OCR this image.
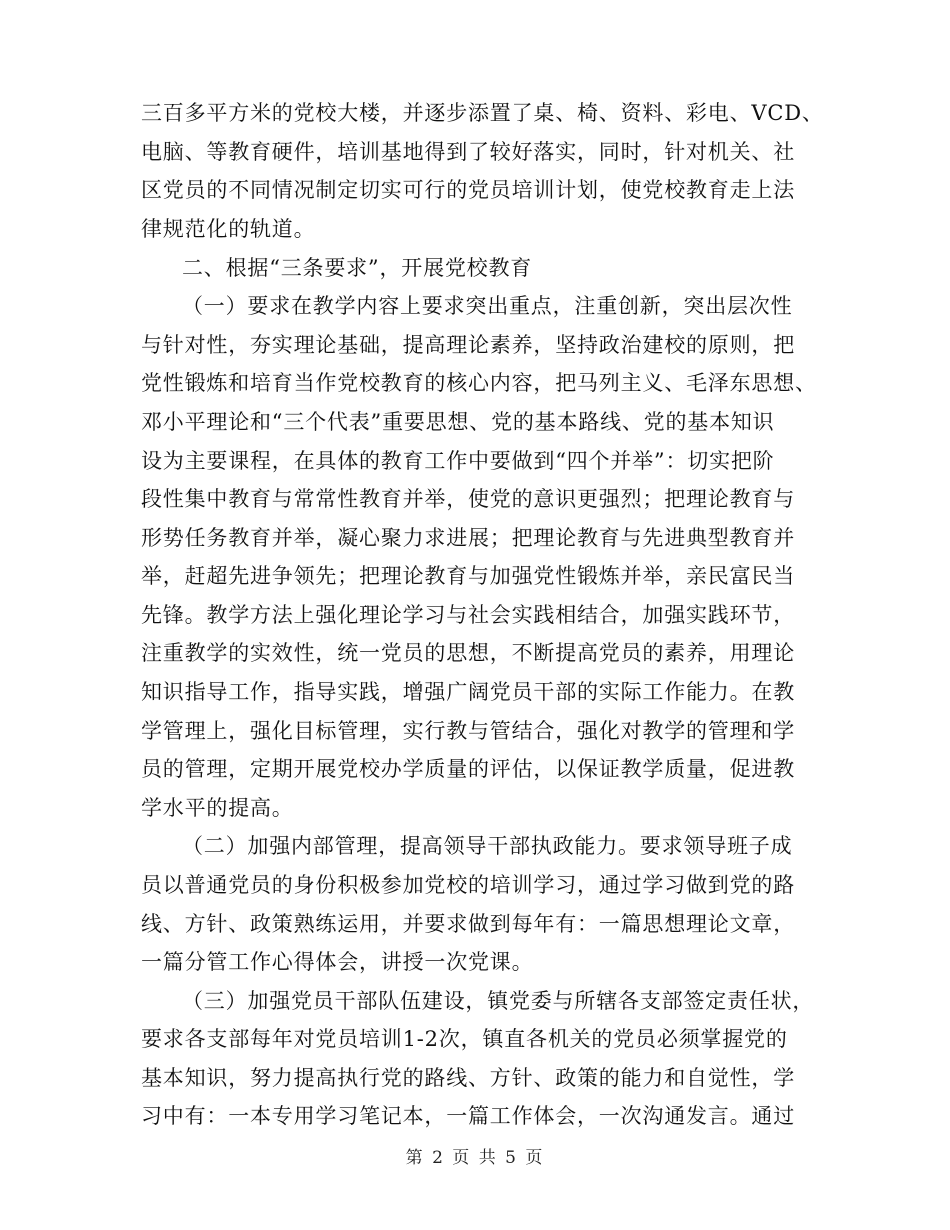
三百多平方米的党校大楼，并逐步添置了桌、椅、资料、彩电、VCD、
电脑、等教育硬件，培训基地得到了较好落实，同时，针对机关、社
区党员的不同情况制定切实可行的党员培训计划，使党校教育走上法
律规范化的轨道。
二、根据“三条要求”，开展党校教育
（一）要求在教学内容上要求突出重点，注重创新，突出层次性
与针对性，夯实理论基础，提高理论素养，坚持政治建校的原则，把
党性锻炼和培育当作党校教育的核心内容，把马列主义、毛泽东思想、
邓小平理论和“三个代表”重要思想、党的基本路线、党的基本知识
设为主要课程，在具体的教育工作中要做到“四个并举”：切实把阶
段性集中教育与常常性教育并举，使党的意识更强烈；把理论教育与
形势任务教育并举，凝心聚力求进展；把理论教育与先进典型教育并
举，赶超先进争领先；把理论教育与加强党性锻炼并举，亲民富民当
先锋。教学方法上强化理论学习与社会实践相结合，加强实践环节，
注重教学的实效性，统一党员的思想，不断提高党员的素养，用理论
知识指导工作，指导实践，增强广阔党员干部的实际工作能力。在教
学管理上，强化目标管理，实行教与管结合，强化对教学的管理和学
员的管理，定期开展党校办学质量的评估，以保证教学质量，促进教
学水平的提高。
（二）加强内部管理，提高领导干部执政能力。要求领导班子成
员以普通党员的身份积极参加党校的培训学习，通过学习做到党的路
线、方针、政策熟练运用，并要求做到每年有：一篇思想理论文章，
一篇分管工作心得体会，讲授一次党课。
（三）加强党员干部队伍建设，镇党委与所辖各支部签定责任状，
要求各支部每年对党员培训1-2次，镇直各机关的党员必须掌握党的
基本知识，努力提高执行党的路线、方针、政策的能力和自觉性，学
习中有：一本专用学习笔记本，一篇工作体会，一次沟通发言。通过
第 2 页 共 5 页
